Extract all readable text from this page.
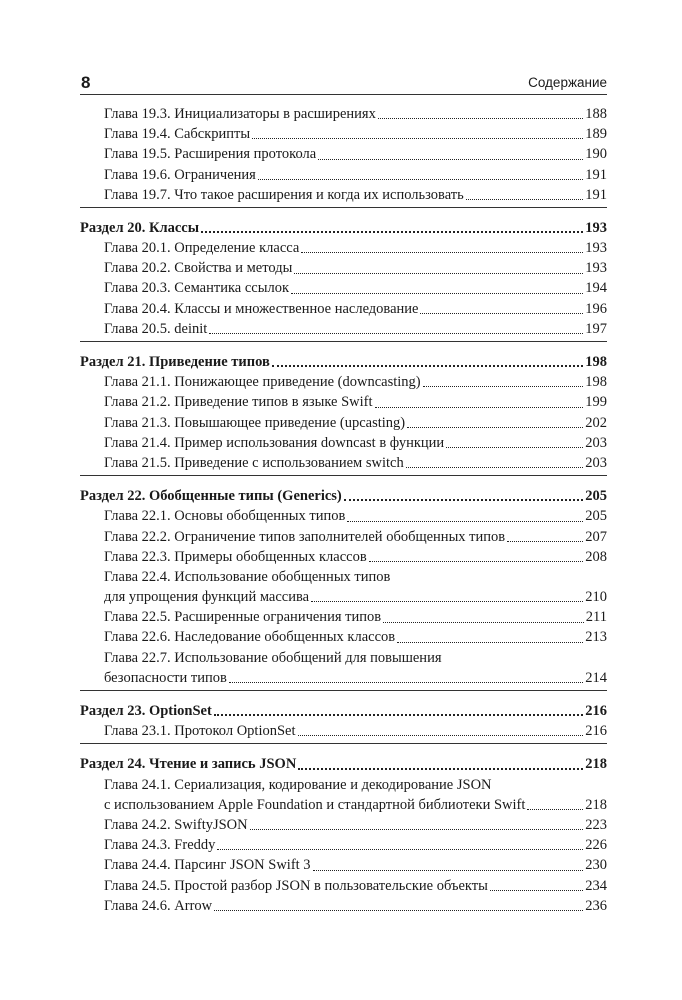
8	Содержание
Глава 19.3. Инициализаторы в расширениях	188
Глава 19.4. Сабскрипты	189
Глава 19.5. Расширения протокола	190
Глава 19.6. Ограничения	191
Глава 19.7. Что такое расширения и когда их использовать	191
Раздел 20. Классы	193
Глава 20.1. Определение класса	193
Глава 20.2. Свойства и методы	193
Глава 20.3. Семантика ссылок	194
Глава 20.4. Классы и множественное наследование	196
Глава 20.5. deinit	197
Раздел 21. Приведение типов	198
Глава 21.1. Понижающее приведение (downcasting)	198
Глава 21.2. Приведение типов в языке Swift	199
Глава 21.3. Повышающее приведение (upcasting)	202
Глава 21.4. Пример использования downcast в функции	203
Глава 21.5. Приведение с использованием switch	203
Раздел 22. Обобщенные типы (Generics)	205
Глава 22.1. Основы обобщенных типов	205
Глава 22.2. Ограничение типов заполнителей обобщенных типов	207
Глава 22.3. Примеры обобщенных классов	208
Глава 22.4. Использование обобщенных типов
для упрощения функций массива	210
Глава 22.5. Расширенные ограничения типов	211
Глава 22.6. Наследование обобщенных классов	213
Глава 22.7. Использование обобщений для повышения
безопасности типов	214
Раздел 23. OptionSet	216
Глава 23.1. Протокол OptionSet	216
Раздел 24. Чтение и запись JSON	218
Глава 24.1. Сериализация, кодирование и декодирование JSON
с использованием Apple Foundation и стандартной библиотеки Swift	218
Глава 24.2. SwiftyJSON	223
Глава 24.3. Freddy	226
Глава 24.4. Парсинг JSON Swift 3	230
Глава 24.5. Простой разбор JSON в пользовательские объекты	234
Глава 24.6. Arrow	236
